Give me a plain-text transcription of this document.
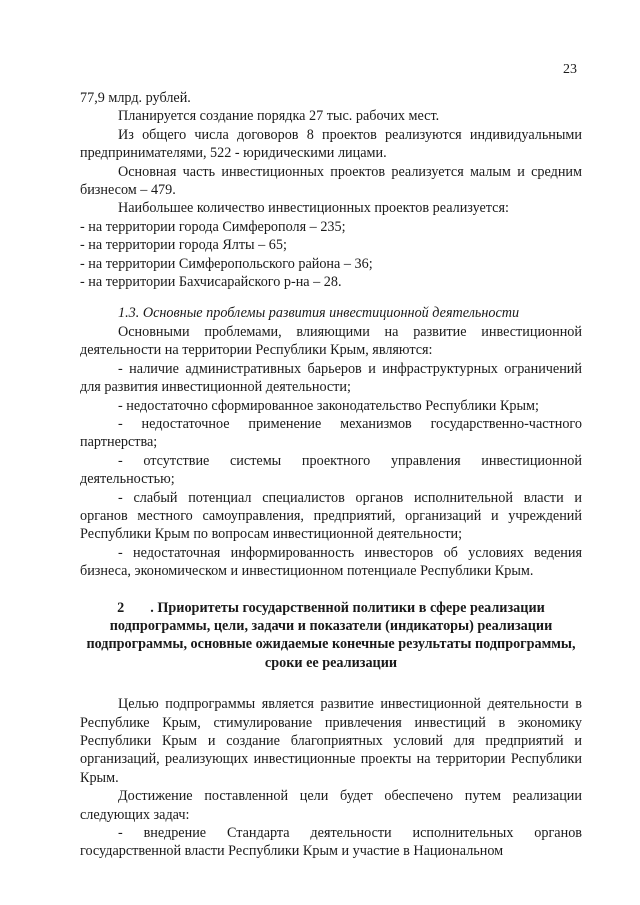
23

77,9 млрд. рублей.

Планируется создание порядка 27 тыс. рабочих мест.

Из общего числа договоров 8 проектов реализуются индивидуальными предпринимателями, 522 - юридическими лицами.

Основная часть инвестиционных проектов реализуется малым и средним бизнесом – 479.

Наибольшее количество инвестиционных проектов реализуется:

- на территории города Симферополя – 235;

- на территории города Ялты – 65;

- на территории Симферопольского района – 36;

- на территории Бахчисарайского р-на – 28.

1.3. Основные проблемы развития инвестиционной деятельности

Основными проблемами, влияющими на развитие инвестиционной деятельности на территории Республики Крым, являются:

- наличие административных барьеров и инфраструктурных ограничений для развития инвестиционной деятельности;

- недостаточно сформированное законодательство Республики Крым;

- недостаточное применение механизмов государственно-частного партнерства;

- отсутствие системы проектного управления инвестиционной деятельностью;

- слабый потенциал специалистов органов исполнительной власти и органов местного самоуправления, предприятий, организаций и учреждений Республики Крым по вопросам инвестиционной деятельности;

- недостаточная информированность инвесторов об условиях ведения бизнеса, экономическом и инвестиционном потенциале Республики Крым.

2 . Приоритеты государственной политики в сфере реализации подпрограммы, цели, задачи и показатели (индикаторы) реализации подпрограммы, основные ожидаемые конечные результаты подпрограммы, сроки ее реализации

Целью подпрограммы является развитие инвестиционной деятельности в Республике Крым, стимулирование привлечения инвестиций в экономику Республики Крым и создание благоприятных условий для предприятий и организаций, реализующих инвестиционные проекты на территории Республики Крым.

Достижение поставленной цели будет обеспечено путем реализации следующих задач:

- внедрение Стандарта деятельности исполнительных органов государственной власти Республики Крым и участие в Национальном
